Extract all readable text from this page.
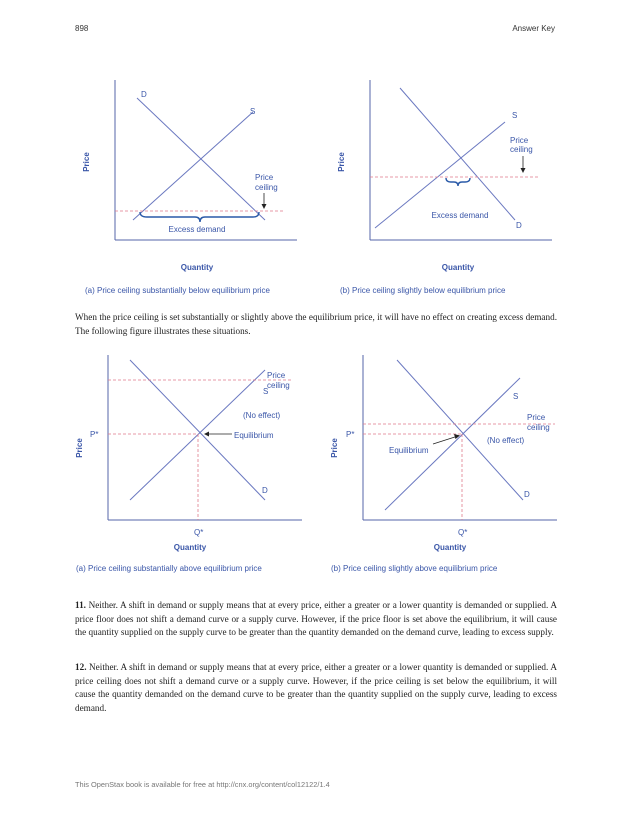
898	Answer Key
Price
Quantity
D
S
Price
ceiling
Excess demand
(a) Price ceiling substantially below equilibrium price
Price
Quantity
D
S
Price
ceiling
Excess demand
(b) Price ceiling slightly below equilibrium price

When the price ceiling is set substantially or slightly above the equilibrium price, it will have no effect on creating excess demand. The following figure illustrates these situations.

Price
Quantity
D
S
Price
ceiling
(No effect)
Equilibrium
P*
Q*
(a) Price ceiling substantially above equilibrium price
Price
Quantity
D
S
Price
ceiling
(No effect)
Equilibrium
P*
Q*
(b) Price ceiling slightly above equilibrium price

11. Neither. A shift in demand or supply means that at every price, either a greater or a lower quantity is demanded or supplied. A price floor does not shift a demand curve or a supply curve. However, if the price floor is set above the equilibrium, it will cause the quantity supplied on the supply curve to be greater than the quantity demanded on the demand curve, leading to excess supply.

12. Neither. A shift in demand or supply means that at every price, either a greater or a lower quantity is demanded or supplied. A price ceiling does not shift a demand curve or a supply curve. However, if the price ceiling is set below the equilibrium, it will cause the quantity demanded on the demand curve to be greater than the quantity supplied on the supply curve, leading to excess demand.

This OpenStax book is available for free at http://cnx.org/content/col12122/1.4
